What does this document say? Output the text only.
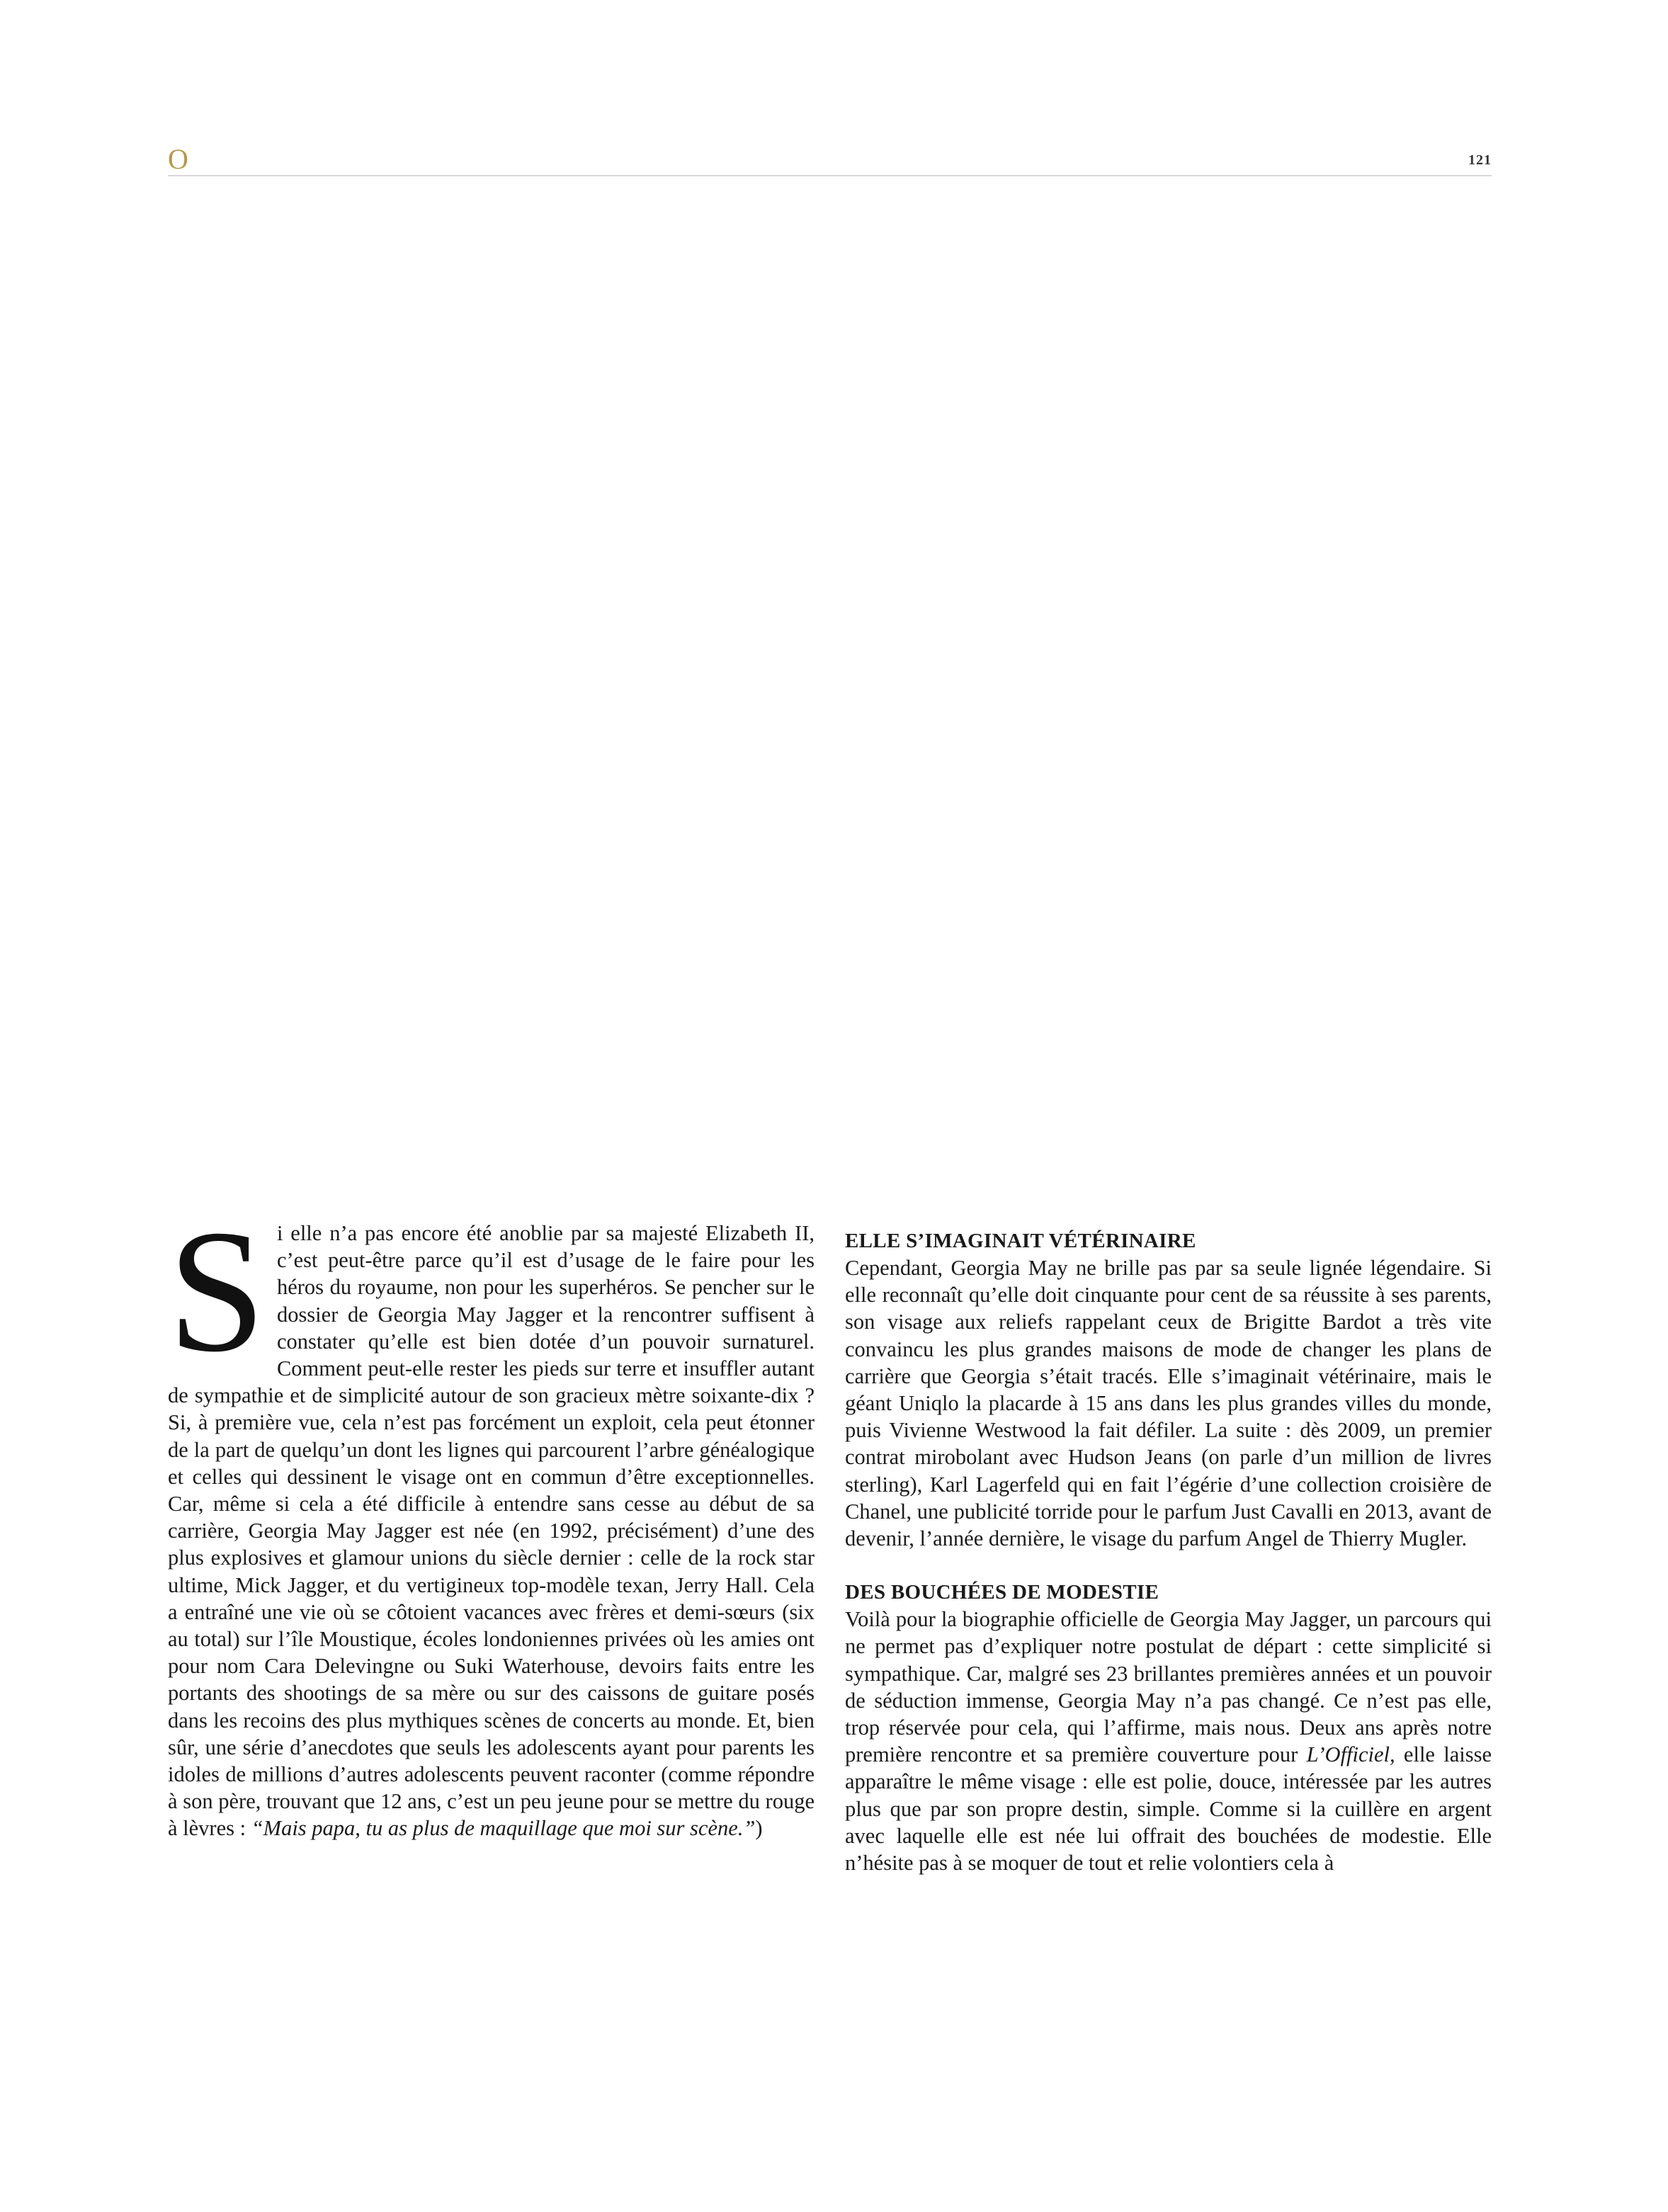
O	121
S i elle n’a pas encore été anoblie par sa majesté Elizabeth II, c’est peut-être parce qu’il est d’usage de le faire pour les héros du royaume, non pour les superhéros. Se pencher sur le dossier de Georgia May Jagger et la rencontrer suffisent à constater qu’elle est bien dotée d’un pouvoir surnaturel. Comment peut-elle rester les pieds sur terre et insuffler autant de sympathie et de simplicité autour de son gracieux mètre soixante-dix ? Si, à première vue, cela n’est pas forcément un exploit, cela peut étonner de la part de quelqu’un dont les lignes qui parcourent l’arbre généalogique et celles qui dessinent le visage ont en commun d’être exceptionnelles. Car, même si cela a été difficile à entendre sans cesse au début de sa carrière, Georgia May Jagger est née (en 1992, précisément) d’une des plus explosives et glamour unions du siècle dernier : celle de la rock star ultime, Mick Jagger, et du vertigineux top-modèle texan, Jerry Hall. Cela a entraîné une vie où se côtoient vacances avec frères et demi-sœurs (six au total) sur l’île Moustique, écoles londoniennes privées où les amies ont pour nom Cara Delevingne ou Suki Waterhouse, devoirs faits entre les portants des shootings de sa mère ou sur des caissons de guitare posés dans les recoins des plus mythiques scènes de concerts au monde. Et, bien sûr, une série d’anecdotes que seuls les adolescents ayant pour parents les idoles de millions d’autres adolescents peuvent raconter (comme répondre à son père, trouvant que 12 ans, c’est un peu jeune pour se mettre du rouge à lèvres : “Mais papa, tu as plus de maquillage que moi sur scène.”)

ELLE S’IMAGINAIT VÉTÉRINAIRE

Cependant, Georgia May ne brille pas par sa seule lignée légendaire. Si elle reconnaît qu’elle doit cinquante pour cent de sa réussite à ses parents, son visage aux reliefs rappelant ceux de Brigitte Bardot a très vite convaincu les plus grandes maisons de mode de changer les plans de carrière que Georgia s’était tracés. Elle s’imaginait vétérinaire, mais le géant Uniqlo la placarde à 15 ans dans les plus grandes villes du monde, puis Vivienne Westwood la fait défiler. La suite : dès 2009, un premier contrat mirobolant avec Hudson Jeans (on parle d’un million de livres sterling), Karl Lagerfeld qui en fait l’égérie d’une collection croisière de Chanel, une publicité torride pour le parfum Just Cavalli en 2013, avant de devenir, l’année dernière, le visage du parfum Angel de Thierry Mugler.

DES BOUCHÉES DE MODESTIE

Voilà pour la biographie officielle de Georgia May Jagger, un parcours qui ne permet pas d’expliquer notre postulat de départ : cette simplicité si sympathique. Car, malgré ses 23 brillantes premières années et un pouvoir de séduction immense, Georgia May n’a pas changé. Ce n’est pas elle, trop réservée pour cela, qui l’affirme, mais nous. Deux ans après notre première rencontre et sa première couverture pour L’Officiel, elle laisse apparaître le même visage : elle est polie, douce, intéressée par les autres plus que par son propre destin, simple. Comme si la cuillère en argent avec laquelle elle est née lui offrait des bouchées de modestie. Elle n’hésite pas à se moquer de tout et relie volontiers cela à
